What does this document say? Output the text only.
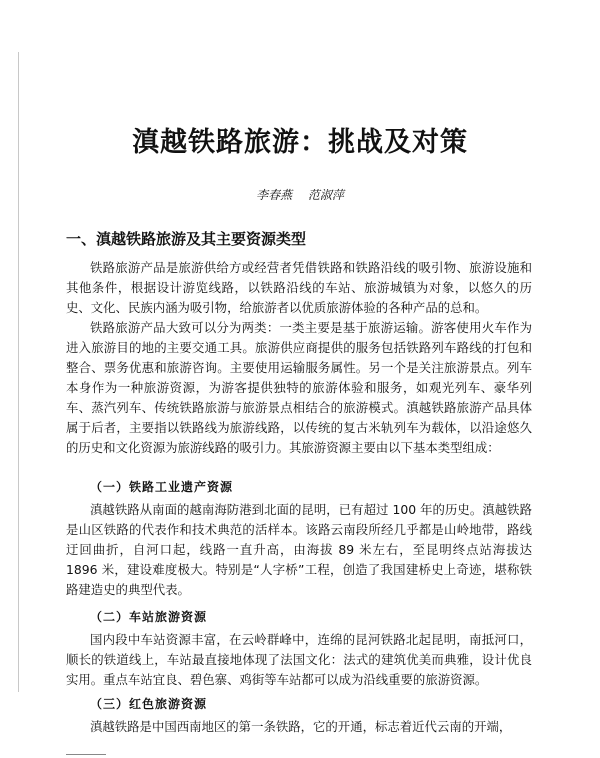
滇越铁路旅游：挑战及对策
李春燕 范淑萍
一、滇越铁路旅游及其主要资源类型

铁路旅游产品是旅游供给方或经营者凭借铁路和铁路沿线的吸引物、旅游设施和其他条件，根据设计游览线路，以铁路沿线的车站、旅游城镇为对象，以悠久的历史、文化、民族内涵为吸引物，给旅游者以优质旅游体验的各种产品的总和。

铁路旅游产品大致可以分为两类：一类主要是基于旅游运输。游客使用火车作为进入旅游目的地的主要交通工具。旅游供应商提供的服务包括铁路列车路线的打包和整合、票务优惠和旅游咨询。主要使用运输服务属性。另一个是关注旅游景点。列车本身作为一种旅游资源，为游客提供独特的旅游体验和服务，如观光列车、豪华列车、蒸汽列车、传统铁路旅游与旅游景点相结合的旅游模式。滇越铁路旅游产品具体属于后者，主要指以铁路线为旅游线路，以传统的复古米轨列车为载体，以沿途悠久的历史和文化资源为旅游线路的吸引力。其旅游资源主要由以下基本类型组成：

（一）铁路工业遗产资源

滇越铁路从南面的越南海防港到北面的昆明，已有超过 100 年的历史。滇越铁路是山区铁路的代表作和技术典范的活样本。该路云南段所经几乎都是山岭地带，路线迂回曲折，自河口起，线路一直升高，由海拔 89 米左右，至昆明终点站海拔达 1896 米，建设难度极大。特别是“人字桥”工程，创造了我国建桥史上奇迹，堪称铁路建造史的典型代表。

（二）车站旅游资源

国内段中车站资源丰富，在云岭群峰中，连绵的昆河铁路北起昆明，南抵河口，顺长的铁道线上，车站最直接地体现了法国文化：法式的建筑优美而典雅，设计优良实用。重点车站宜良、碧色寨、鸡街等车站都可以成为沿线重要的旅游资源。

（三）红色旅游资源

滇越铁路是中国西南地区的第一条铁路，它的开通，标志着近代云南的开端，
